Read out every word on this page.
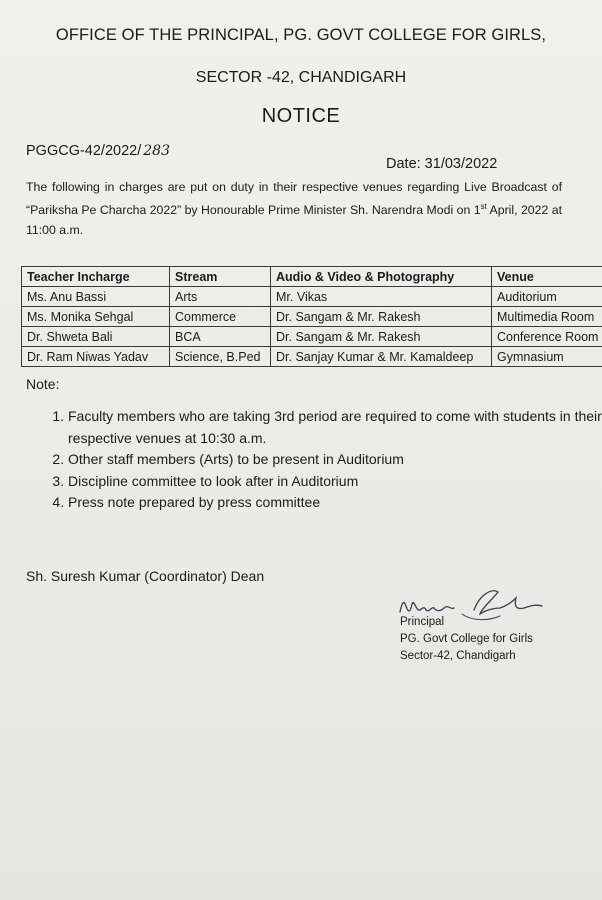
OFFICE OF THE PRINCIPAL, PG. GOVT COLLEGE FOR GIRLS,
SECTOR -42, CHANDIGARH
NOTICE
PGGCG-42/2022/ 283
Date: 31/03/2022
The following in charges are put on duty in their respective venues regarding Live Broadcast of “Pariksha Pe Charcha 2022” by Honourable Prime Minister Sh. Narendra Modi on 1st April, 2022 at 11:00 a.m.
Teacher Incharge	Stream	Audio & Video & Photography	Venue
Ms. Anu Bassi	Arts	Mr. Vikas	Auditorium
Ms. Monika Sehgal	Commerce	Dr. Sangam & Mr. Rakesh	Multimedia Room
Dr. Shweta Bali	BCA	Dr. Sangam & Mr. Rakesh	Conference Room
Dr. Ram Niwas Yadav	Science, B.Ped	Dr. Sanjay Kumar & Mr. Kamaldeep	Gymnasium
Note:
1. Faculty members who are taking 3rd period are required to come with students in their respective venues at 10:30 a.m.
2. Other staff members (Arts) to be present in Auditorium
3. Discipline committee to look after in Auditorium
4. Press note prepared by press committee
Sh. Suresh Kumar (Coordinator) Dean
Principal
PG. Govt College for Girls
Sector-42, Chandigarh
